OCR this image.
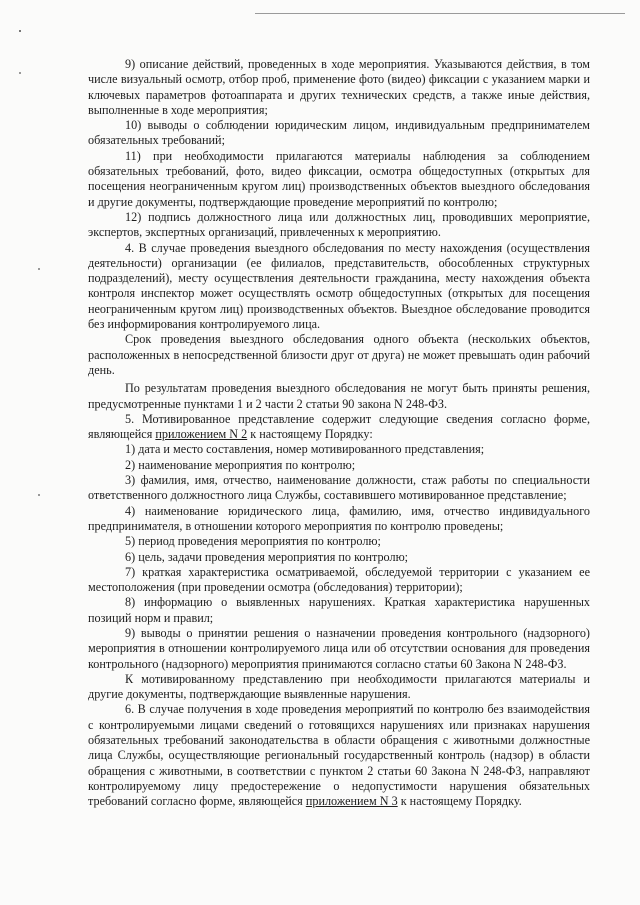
9) описание действий, проведенных в ходе мероприятия. Указываются действия, в том числе визуальный осмотр, отбор проб, применение фото (видео) фиксации с указанием марки и ключевых параметров фотоаппарата и других технических средств, а также иные действия, выполненные в ходе мероприятия;

10) выводы о соблюдении юридическим лицом, индивидуальным предпринимателем обязательных требований;

11) при необходимости прилагаются материалы наблюдения за соблюдением обязательных требований, фото, видео фиксации, осмотра общедоступных (открытых для посещения неограниченным кругом лиц) производственных объектов выездного обследования и другие документы, подтверждающие проведение мероприятий по контролю;

12) подпись должностного лица или должностных лиц, проводивших мероприятие, экспертов, экспертных организаций, привлеченных к мероприятию.

4. В случае проведения выездного обследования по месту нахождения (осуществления деятельности) организации (ее филиалов, представительств, обособленных структурных подразделений), месту осуществления деятельности гражданина, месту нахождения объекта контроля инспектор может осуществлять осмотр общедоступных (открытых для посещения неограниченным кругом лиц) производственных объектов. Выездное обследование проводится без информирования контролируемого лица.

Срок проведения выездного обследования одного объекта (нескольких объектов, расположенных в непосредственной близости друг от друга) не может превышать один рабочий день.

По результатам проведения выездного обследования не могут быть приняты решения, предусмотренные пунктами 1 и 2 части 2 статьи 90 закона N 248-ФЗ.

5. Мотивированное представление содержит следующие сведения согласно форме, являющейся приложением N 2 к настоящему Порядку:

1) дата и место составления, номер мотивированного представления;

2) наименование мероприятия по контролю;

3) фамилия, имя, отчество, наименование должности, стаж работы по специальности ответственного должностного лица Службы, составившего мотивированное представление;

4) наименование юридического лица, фамилию, имя, отчество индивидуального предпринимателя, в отношении которого мероприятия по контролю проведены;

5) период проведения мероприятия по контролю;

6) цель, задачи проведения мероприятия по контролю;

7) краткая характеристика осматриваемой, обследуемой территории с указанием ее местоположения (при проведении осмотра (обследования) территории);

8) информацию о выявленных нарушениях. Краткая характеристика нарушенных позиций норм и правил;

9) выводы о принятии решения о назначении проведения контрольного (надзорного) мероприятия в отношении контролируемого лица или об отсутствии основания для проведения контрольного (надзорного) мероприятия принимаются согласно статьи 60 Закона N 248-ФЗ.

К мотивированному представлению при необходимости прилагаются материалы и другие документы, подтверждающие выявленные нарушения.

6. В случае получения в ходе проведения мероприятий по контролю без взаимодействия с контролируемыми лицами сведений о готовящихся нарушениях или признаках нарушения обязательных требований законодательства в области обращения с животными должностные лица Службы, осуществляющие региональный государственный контроль (надзор) в области обращения с животными, в соответствии с пунктом 2 статьи 60 Закона N 248-ФЗ, направляют контролируемому лицу предостережение о недопустимости нарушения обязательных требований согласно форме, являющейся приложением N 3 к настоящему Порядку.
